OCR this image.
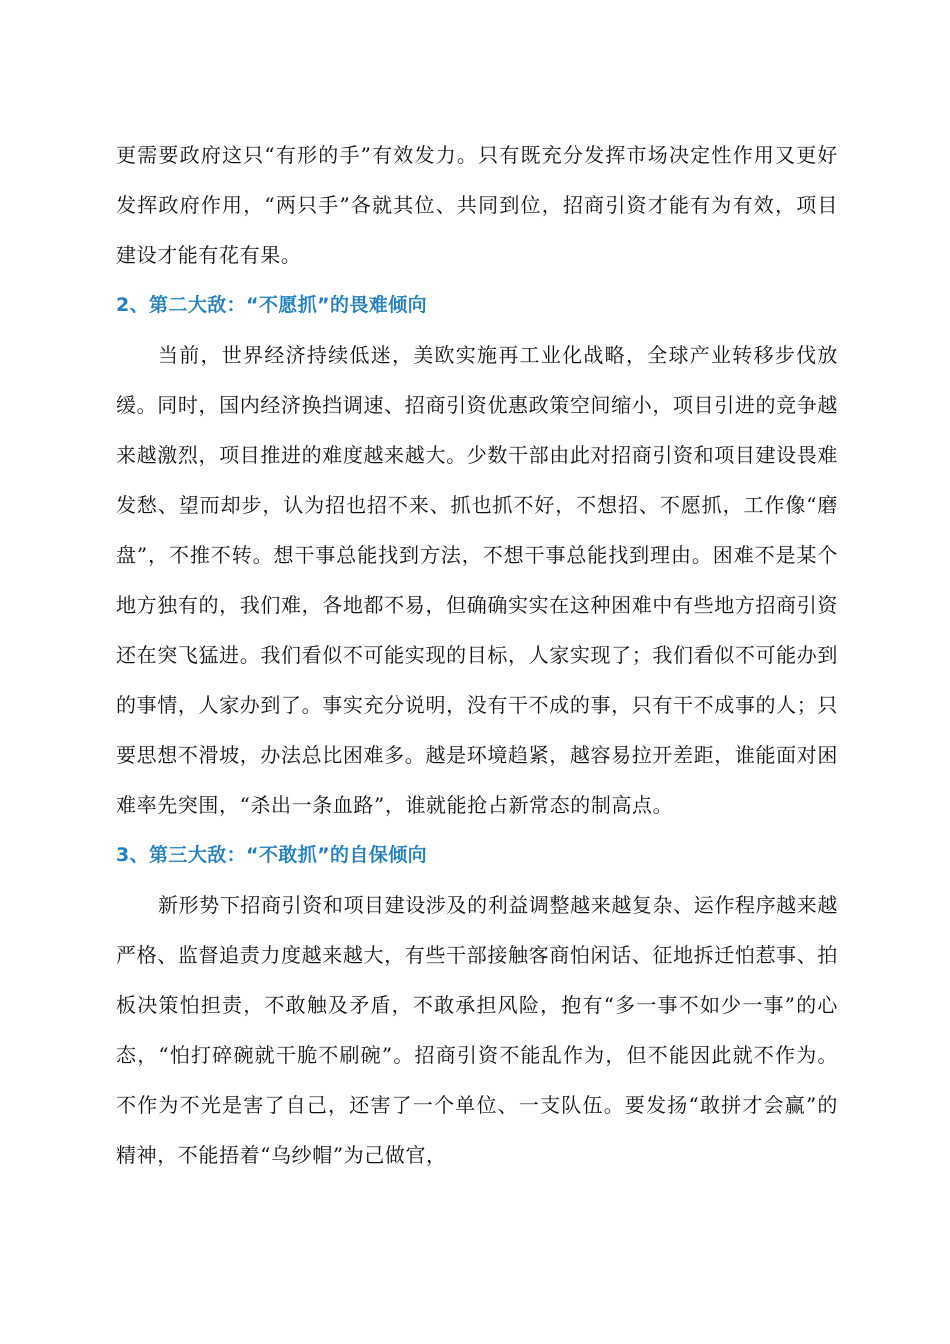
更需要政府这只“有形的手”有效发力。只有既充分发挥市场决定性作用又更好发挥政府作用，“两只手”各就其位、共同到位，招商引资才能有为有效，项目建设才能有花有果。

2、第二大敌：“不愿抓”的畏难倾向

当前，世界经济持续低迷，美欧实施再工业化战略，全球产业转移步伐放缓。同时，国内经济换挡调速、招商引资优惠政策空间缩小，项目引进的竞争越来越激烈，项目推进的难度越来越大。少数干部由此对招商引资和项目建设畏难发愁、望而却步，认为招也招不来、抓也抓不好，不想招、不愿抓，工作像“磨盘”，不推不转。想干事总能找到方法，不想干事总能找到理由。困难不是某个地方独有的，我们难，各地都不易，但确确实实在这种困难中有些地方招商引资还在突飞猛进。我们看似不可能实现的目标，人家实现了；我们看似不可能办到的事情，人家办到了。事实充分说明，没有干不成的事，只有干不成事的人；只要思想不滑坡，办法总比困难多。越是环境趋紧，越容易拉开差距，谁能面对困难率先突围，“杀出一条血路”，谁就能抢占新常态的制高点。

3、第三大敌：“不敢抓”的自保倾向

新形势下招商引资和项目建设涉及的利益调整越来越复杂、运作程序越来越严格、监督追责力度越来越大，有些干部接触客商怕闲话、征地拆迁怕惹事、拍板决策怕担责，不敢触及矛盾，不敢承担风险，抱有“多一事不如少一事”的心态，“怕打碎碗就干脆不刷碗”。招商引资不能乱作为，但不能因此就不作为。不作为不光是害了自己，还害了一个单位、一支队伍。要发扬“敢拼才会赢”的精神，不能捂着“乌纱帽”为己做官，
